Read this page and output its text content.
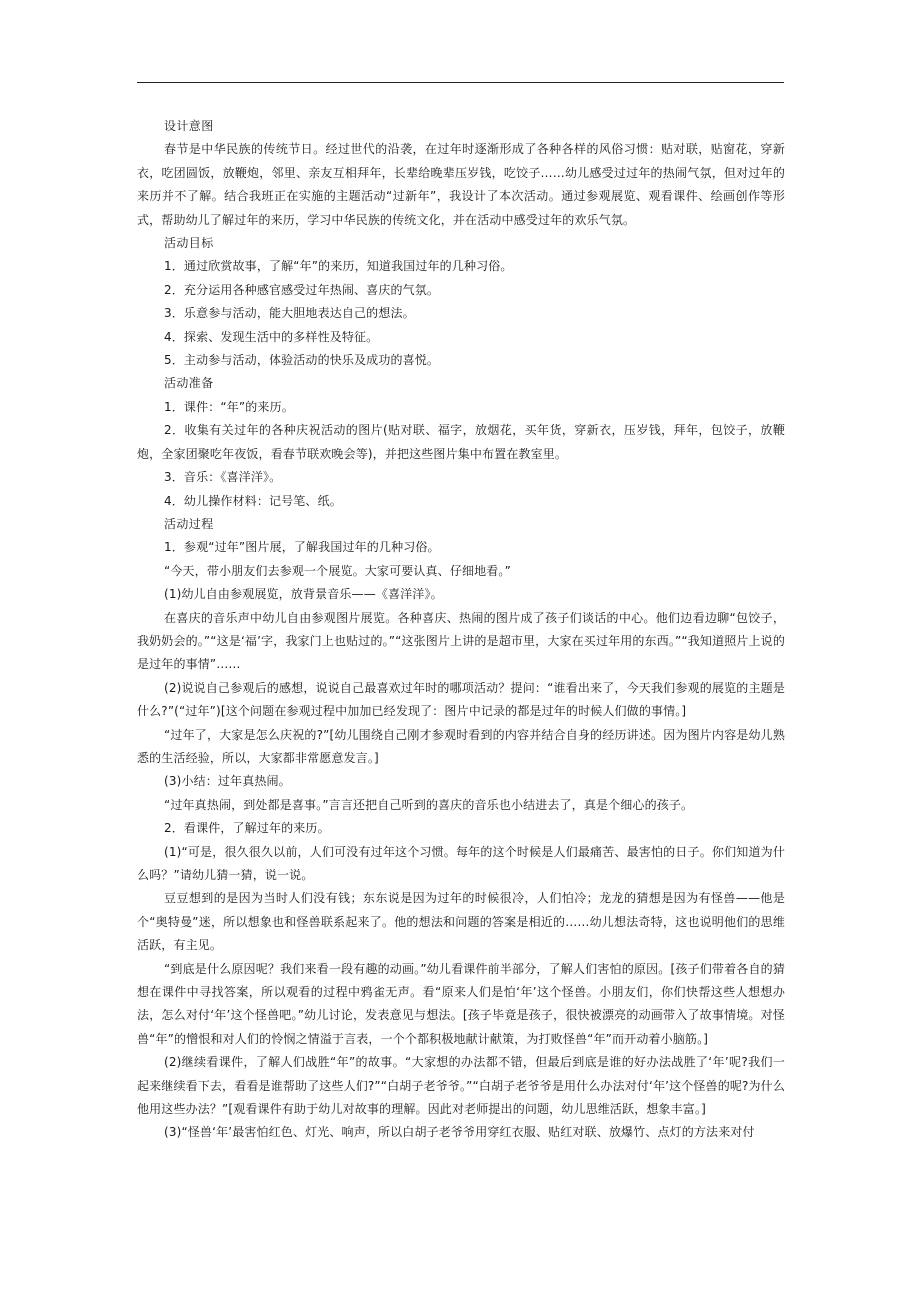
设计意图

春节是中华民族的传统节日。经过世代的沿袭，在过年时逐渐形成了各种各样的风俗习惯：贴对联，贴窗花，穿新衣，吃团圆饭，放鞭炮，邻里、亲友互相拜年，长辈给晚辈压岁钱，吃饺子……幼儿感受过过年的热闹气氛，但对过年的来历并不了解。结合我班正在实施的主题活动“过新年”，我设计了本次活动。通过参观展览、观看课件、绘画创作等形式，帮助幼儿了解过年的来历，学习中华民族的传统文化，并在活动中感受过年的欢乐气氛。

活动目标

1．通过欣赏故事，了解“年”的来历，知道我国过年的几种习俗。

2．充分运用各种感官感受过年热闹、喜庆的气氛。

3．乐意参与活动，能大胆地表达自己的想法。

4．探索、发现生活中的多样性及特征。

5．主动参与活动，体验活动的快乐及成功的喜悦。

活动准备

1．课件：“年”的来历。

2．收集有关过年的各种庆祝活动的图片(贴对联、福字，放烟花，买年货，穿新衣，压岁钱，拜年，包饺子，放鞭炮，全家团聚吃年夜饭，看春节联欢晚会等)，并把这些图片集中布置在教室里。

3．音乐：《喜洋洋》。

4．幼儿操作材料：记号笔、纸。

活动过程

1．参观“过年”图片展，了解我国过年的几种习俗。

“今天，带小朋友们去参观一个展览。大家可要认真、仔细地看。”

(1)幼儿自由参观展览，放背景音乐——《喜洋洋》。

在喜庆的音乐声中幼儿自由参观图片展览。各种喜庆、热闹的图片成了孩子们谈话的中心。他们边看边聊“包饺子，我奶奶会的。”“这是‘福’字，我家门上也贴过的。”“这张图片上讲的是超市里，大家在买过年用的东西。”“我知道照片上说的是过年的事情”……

(2)说说自己参观后的感想，说说自己最喜欢过年时的哪项活动？提问：“谁看出来了，今天我们参观的展览的主题是什么?”(“过年”)[这个问题在参观过程中加加已经发现了：图片中记录的都是过年的时候人们做的事情。]

“过年了，大家是怎么庆祝的?”[幼儿围绕自己刚才参观时看到的内容并结合自身的经历讲述。因为图片内容是幼儿熟悉的生活经验，所以，大家都非常愿意发言。]

(3)小结：过年真热闹。

“过年真热闹，到处都是喜事。”言言还把自己听到的喜庆的音乐也小结进去了，真是个细心的孩子。

2．看课件，了解过年的来历。

(1)“可是，很久很久以前，人们可没有过年这个习惯。每年的这个时候是人们最痛苦、最害怕的日子。你们知道为什么吗？”请幼儿猜一猜，说一说。

豆豆想到的是因为当时人们没有钱；东东说是因为过年的时候很冷，人们怕冷；龙龙的猜想是因为有怪兽——他是个“奥特曼”迷，所以想象也和怪兽联系起来了。他的想法和问题的答案是相近的……幼儿想法奇特，这也说明他们的思维活跃，有主见。

“到底是什么原因呢？我们来看一段有趣的动画。”幼儿看课件前半部分，了解人们害怕的原因。[孩子们带着各自的猜想在课件中寻找答案，所以观看的过程中鸦雀无声。看“原来人们是怕‘年’这个怪兽。小朋友们，你们快帮这些人想想办法，怎么对付‘年’这个怪兽吧。”幼儿讨论，发表意见与想法。[孩子毕竟是孩子，很快被漂亮的动画带入了故事情境。对怪兽“年”的憎恨和对人们的怜悯之情溢于言表，一个个都积极地献计献策，为打败怪兽“年”而开动着小脑筋。]

(2)继续看课件，了解人们战胜“年”的故事。“大家想的办法都不错，但最后到底是谁的好办法战胜了‘年’呢?我们一起来继续看下去，看看是谁帮助了这些人们?”“白胡子老爷爷。”“白胡子老爷爷是用什么办法对付‘年’这个怪兽的呢?为什么他用这些办法？”[观看课件有助于幼儿对故事的理解。因此对老师提出的问题，幼儿思维活跃，想象丰富。]

(3)“怪兽‘年’最害怕红色、灯光、响声，所以白胡子老爷爷用穿红衣服、贴红对联、放爆竹、点灯的方法来对付
